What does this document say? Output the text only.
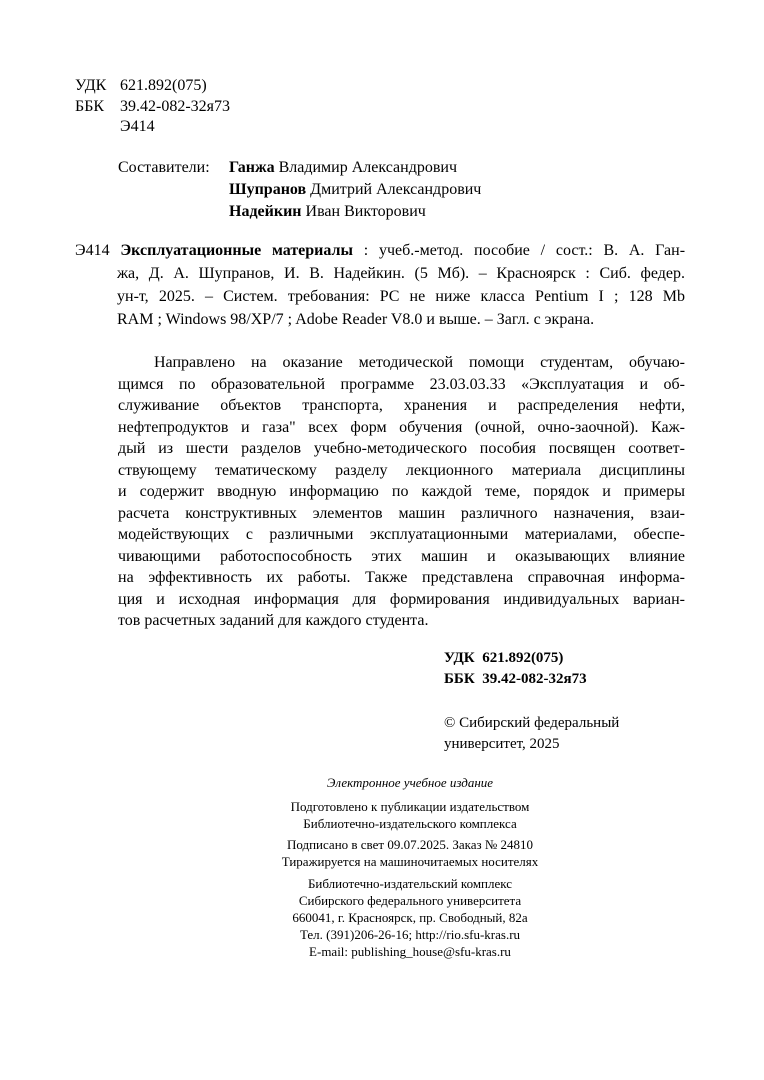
УДК 621.892(075)
ББК 39.42-082-32я73
Э414
Составители:	Ганжа Владимир Александрович
Шупранов Дмитрий Александрович
Надейкин Иван Викторович
Э414 Эксплуатационные материалы : учеб.-метод. пособие / сост.: В. А. Ган-
жа, Д. А. Шупранов, И. В. Надейкин. (5 Мб). – Красноярск : Сиб. федер.
ун-т, 2025. – Систем. требования: PC не ниже класса Pentium I ; 128 Mb
RAM ; Windows 98/XP/7 ; Adobe Reader V8.0 и выше. – Загл. с экрана.
Направлено на оказание методической помощи студентам, обучаю-
щимся по образовательной программе 23.03.03.33 «Эксплуатация и об-
служивание объектов транспорта, хранения и распределения нефти,
нефтепродуктов и газа" всех форм обучения (очной, очно-заочной). Каж-
дый из шести разделов учебно-методического пособия посвящен соответ-
ствующему тематическому разделу лекционного материала дисциплины
и содержит вводную информацию по каждой теме, порядок и примеры
расчета конструктивных элементов машин различного назначения, взаи-
модействующих с различными эксплуатационными материалами, обеспе-
чивающими работоспособность этих машин и оказывающих влияние
на эффективность их работы. Также представлена справочная информа-
ция и исходная информация для формирования индивидуальных вариан-
тов расчетных заданий для каждого студента.
УДК  621.892(075)
ББК  39.42-082-32я73
© Сибирский федеральный
университет, 2025
Электронное учебное издание
Подготовлено к публикации издательством
Библиотечно-издательского комплекса
Подписано в свет 09.07.2025. Заказ № 24810
Тиражируется на машиночитаемых носителях
Библиотечно-издательский комплекс
Сибирского федерального университета
660041, г. Красноярск, пр. Свободный, 82а
Тел. (391)206-26-16; http://rio.sfu-kras.ru
E-mail: publishing_house@sfu-kras.ru
